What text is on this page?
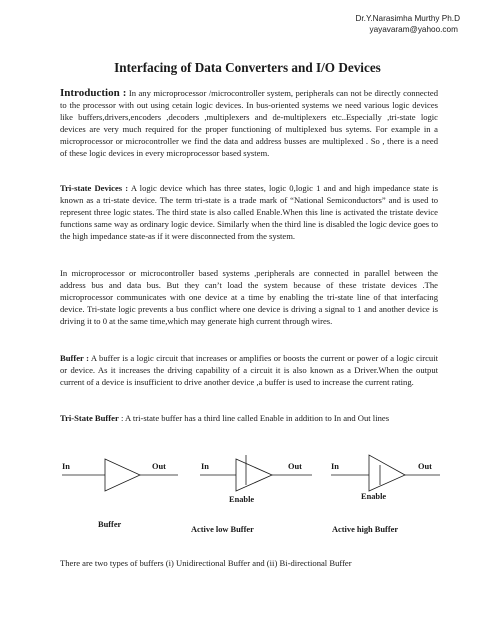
Dr.Y.Narasimha Murthy Ph.D
yayavaram@yahoo.com
Interfacing of Data Converters and I/O Devices

Introduction : In any microprocessor /microcontroller system, peripherals can not be directly connected to the processor with out using cetain logic devices. In bus-oriented systems we need various logic devices like buffers,drivers,encoders ,decoders ,multiplexers and de-multiplexers etc..Especially ,tri-state logic devices are very much required for the proper functioning of multiplexed bus sytems. For example in a microprocessor or microcontroller we find the data and address busses are multiplexed . So , there is a need of these logic devices in every microprocessor based system.

Tri-state Devices : A logic device which has three states, logic 0,logic 1 and and high impedance state is known as a tri-state device. The term tri-state is a trade mark of “National Semiconductors” and is used to represent three logic states. The third state is also called Enable.When this line is activated the tristate device functions same way as ordinary logic device. Similarly when the third line is disabled the logic device goes to the high impedance state-as if it were disconnected from the system.

In microprocessor or microcontroller based systems ,peripherals are connected in parallel between the address bus and data bus. But they can’t load the system because of these tristate devices .The microprocessor communicates with one device at a time by enabling the tri-state line of that interfacing device. Tri-state logic prevents a bus conflict where one device is driving a signal to 1 and another device is driving it to 0 at the same time,which may generate high current through wires.

Buffer : A buffer is a logic circuit that increases or amplifies or boosts the current or power of a logic circuit or device. As it increases the driving capability of a circuit it is also known as a Driver.When the output current of a device is insufficient to drive another device ,a buffer is used to increase the current rating.

Tri-State Buffer : A tri-state buffer has a third line called Enable in addition to In and Out lines

In	Out
Buffer
In	Out
Enable
Active low Buffer
In	Out
Enable
Active high Buffer

There are two types of buffers (i) Unidirectional Buffer and (ii) Bi-directional Buffer
